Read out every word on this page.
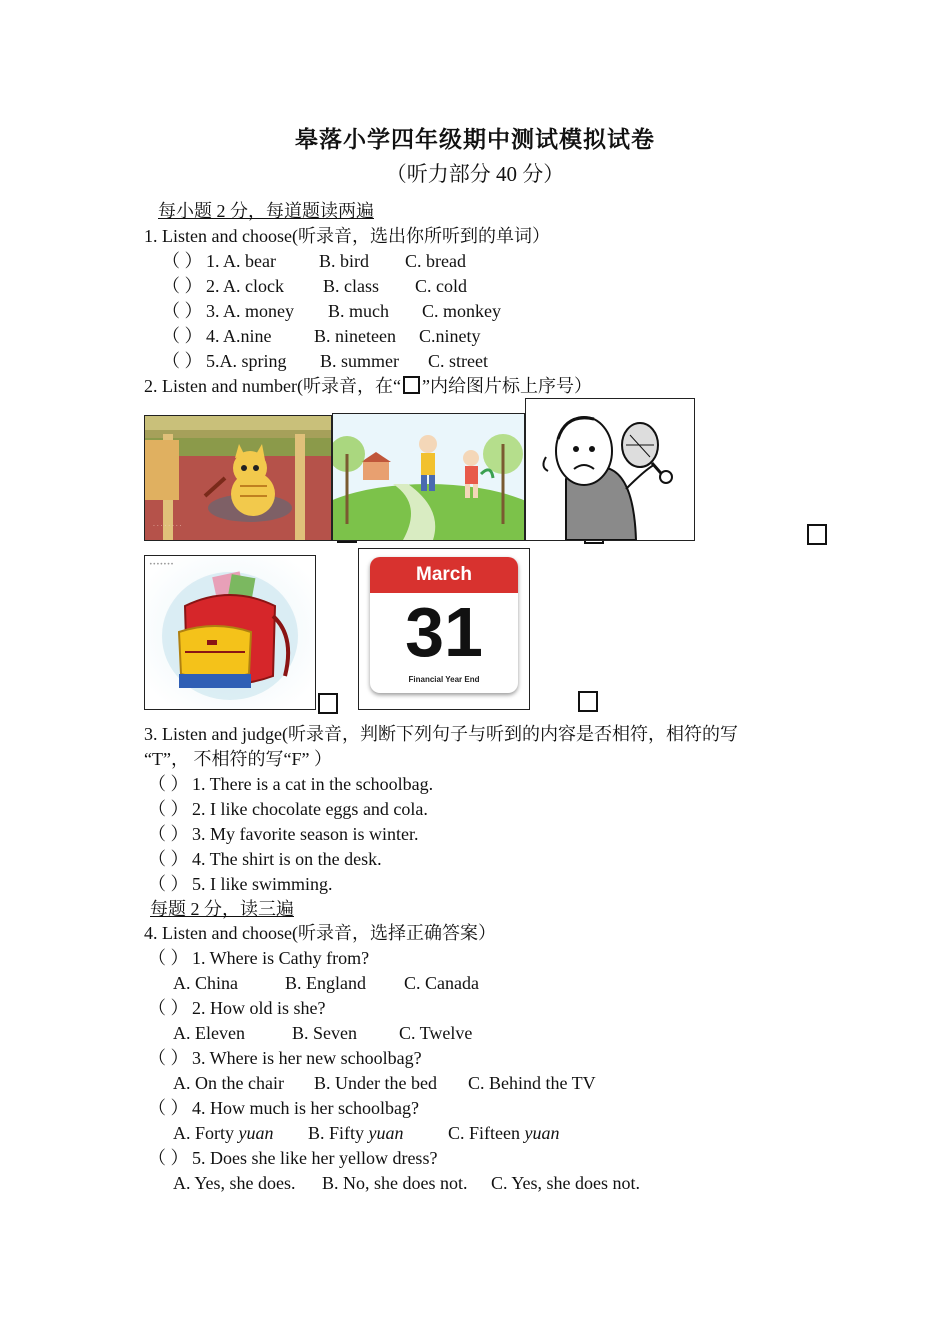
皋落小学四年级期中测试模拟试卷
（听力部分 40 分）
每小题 2 分，每道题读两遍
1. Listen and choose(听录音，选出你所听到的单词）
（ ） 1. A. bear B. bird C. bread
（ ） 2. A. clock B. class C. cold
（ ） 3. A. money B. much C. monkey
（ ） 4. A.nine B. nineteen C.ninety
（ ） 5.A. spring B. summer C. street
2. Listen and number(听录音，在“ ”内给图片标上序号）
· · · · · · · ·
•••••••	March
31
Financial Year End
3. Listen and judge(听录音，判断下列句子与听到的内容是否相符，相符的写
“T”， 不相符的写“F” ）
（ ） 1. There is a cat in the schoolbag.
（ ） 2. I like chocolate eggs and cola.
（ ） 3. My favorite season is winter.
（ ） 4. The shirt is on the desk.
（ ） 5. I like swimming.
每题 2 分，读三遍
4. Listen and choose(听录音，选择正确答案）
（ ） 1. Where is Cathy from?
A. China	B. England C. Canada
（ ） 2. How old is she?
A. Eleven	B. Seven C. Twelve
（ ） 3. Where is her new schoolbag?
A. On the chair B. Under the bed C. Behind the TV
（ ） 4. How much is her schoolbag?
A. Forty yuan B. Fifty yuan C. Fifteen yuan
（ ） 5. Does she like her yellow dress?
A. Yes, she does. B. No, she does not. C. Yes, she does not.
